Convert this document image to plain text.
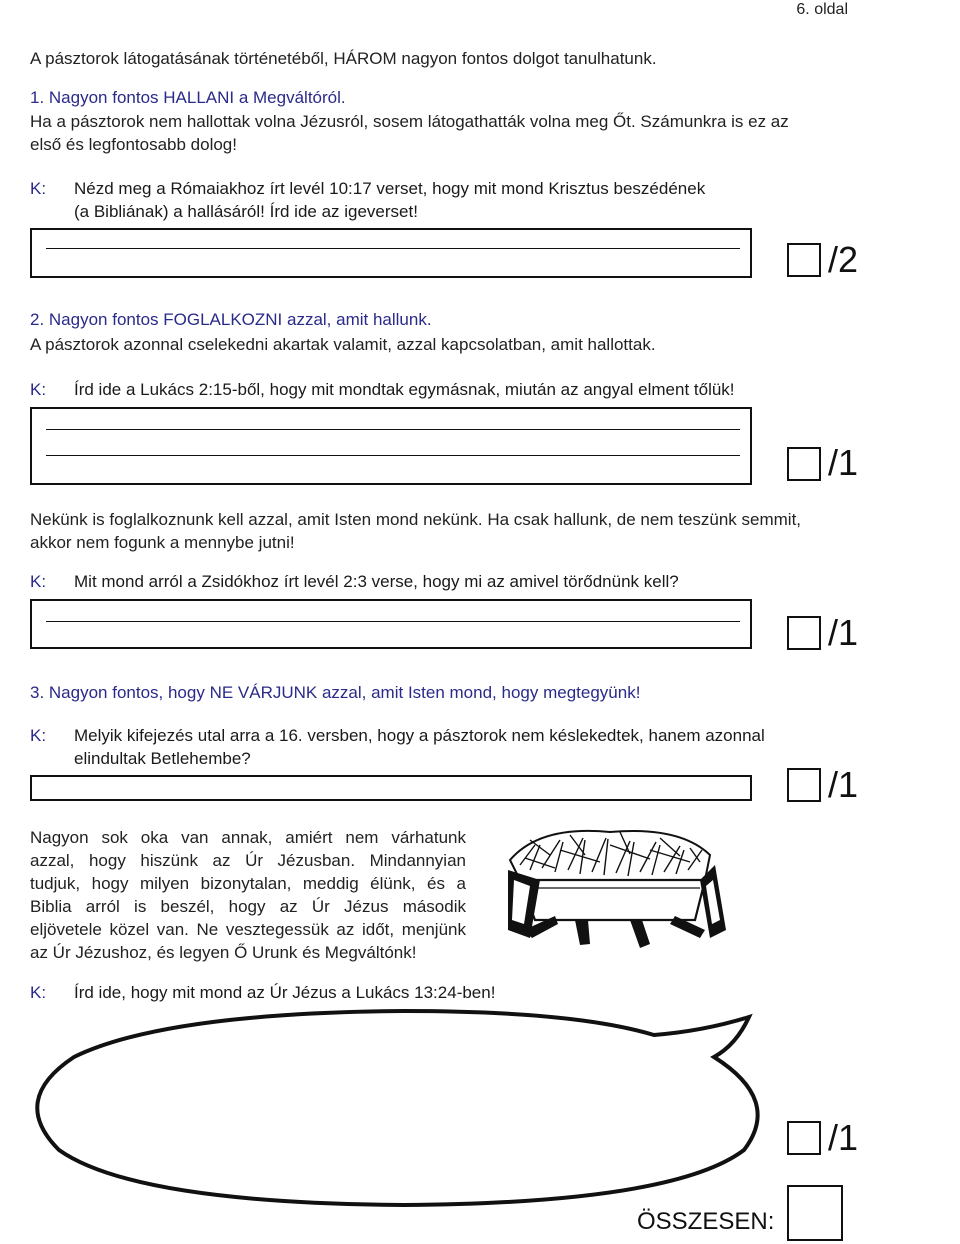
6. oldal
A pásztorok látogatásának történetéből, HÁROM nagyon fontos dolgot tanulhatunk.
1. Nagyon fontos HALLANI a Megváltóról.
Ha a pásztorok nem hallottak volna Jézusról, sosem látogathatták volna meg Őt. Számunkra is ez az
első és legfontosabb dolog!
K: Nézd meg a Rómaiakhoz írt levél 10:17 verset, hogy mit mond Krisztus beszédének
(a Bibliának) a hallásáról! Írd ide az igeverset!
/2
2. Nagyon fontos FOGLALKOZNI azzal, amit hallunk.
A pásztorok azonnal cselekedni akartak valamit, azzal kapcsolatban, amit hallottak.
K: Írd ide a Lukács 2:15-ből, hogy mit mondtak egymásnak, miután az angyal elment tőlük!
/1
Nekünk is foglalkoznunk kell azzal, amit Isten mond nekünk. Ha csak hallunk, de nem teszünk semmit,
akkor nem fogunk a mennybe jutni!
K: Mit mond arról a Zsidókhoz írt levél 2:3 verse, hogy mi az amivel törődnünk kell?
/1
3. Nagyon fontos, hogy NE VÁRJUNK azzal, amit Isten mond, hogy megtegyünk!
K: Melyik kifejezés utal arra a 16. versben, hogy a pásztorok nem késlekedtek, hanem azonnal
elindultak Betlehembe?
/1
Nagyon sok oka van annak, amiért nem várhatunk
azzal, hogy hiszünk az Úr Jézusban. Mindannyian
tudjuk, hogy milyen bizonytalan, meddig élünk, és a
Biblia arról is beszél, hogy az Úr Jézus második
eljövetele közel van. Ne vesztegessük az időt, menjünk
az Úr Jézushoz, és legyen Ő Urunk és Megváltónk!
K: Írd ide, hogy mit mond az Úr Jézus a Lukács 13:24-ben!
/1
ÖSSZESEN:
